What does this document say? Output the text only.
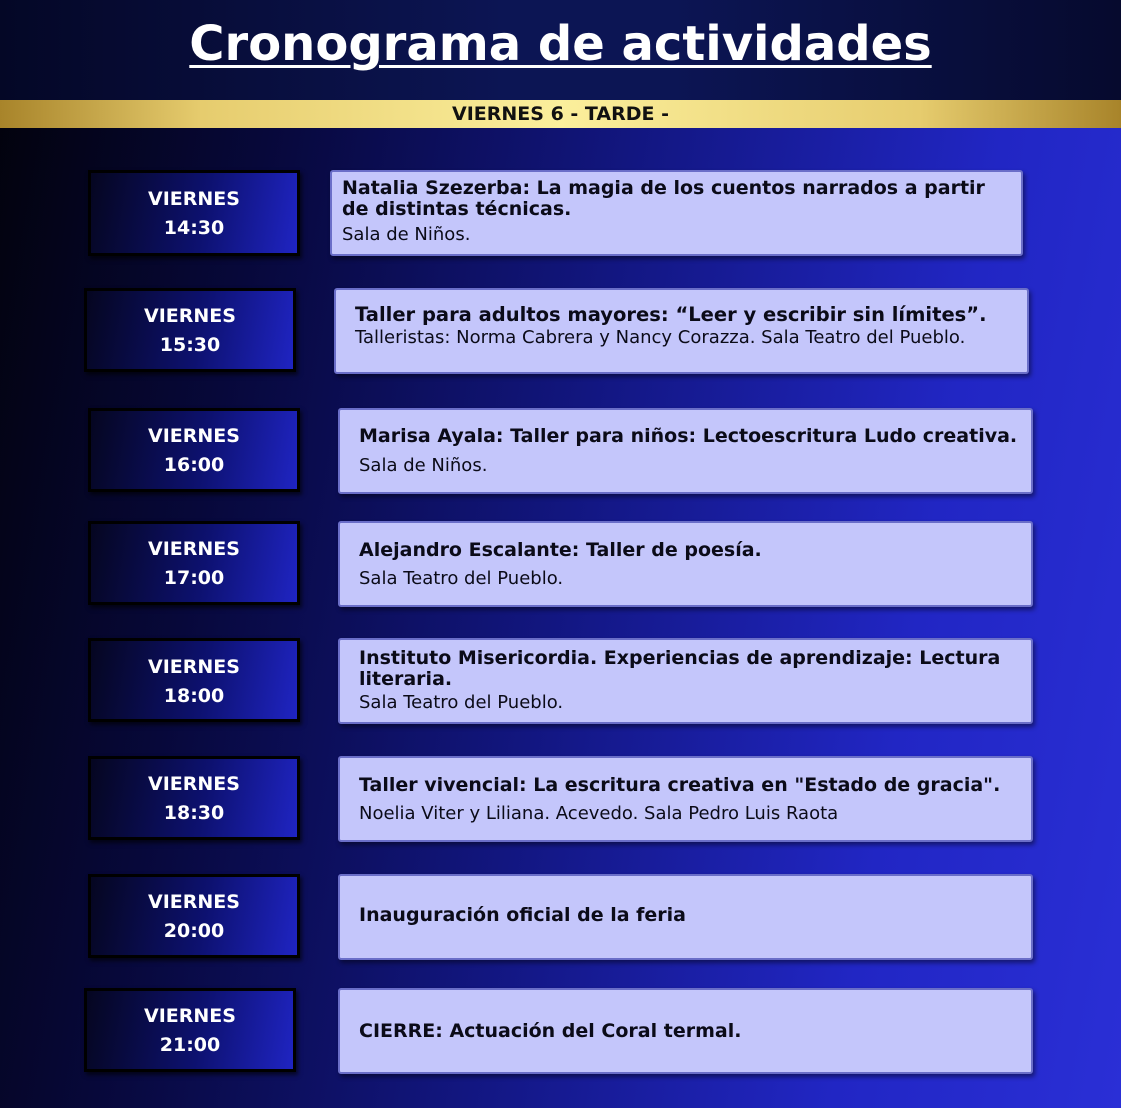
Cronograma de actividades
VIERNES 6 - TARDE -
VIERNES
14:30
Natalia Szezerba: La magia de los cuentos narrados a partir de distintas técnicas.
Sala de Niños.
VIERNES
15:30
Taller para adultos mayores: “Leer y escribir sin límites”.
Talleristas: Norma Cabrera y Nancy Corazza. Sala Teatro del Pueblo.
VIERNES
16:00
Marisa Ayala: Taller para niños: Lectoescritura Ludo creativa.
Sala de Niños.
VIERNES
17:00
Alejandro Escalante: Taller de poesía.
Sala Teatro del Pueblo.
VIERNES
18:00
Instituto Misericordia. Experiencias de aprendizaje: Lectura literaria.
Sala Teatro del Pueblo.
VIERNES
18:30
Taller vivencial: La escritura creativa en "Estado de gracia".
Noelia Viter y Liliana. Acevedo. Sala Pedro Luis Raota
VIERNES
20:00
Inauguración oficial de la feria
VIERNES
21:00
CIERRE: Actuación del Coral termal.
